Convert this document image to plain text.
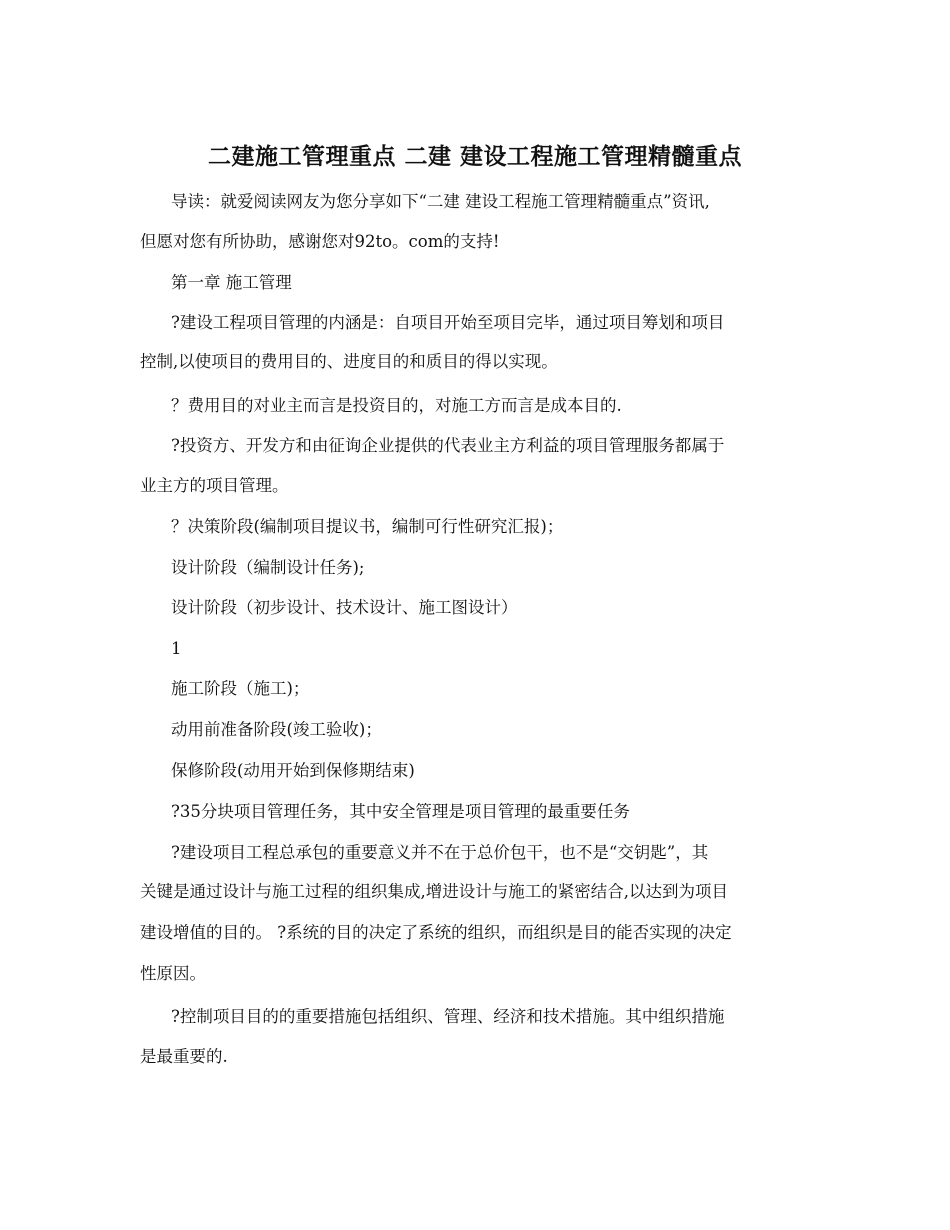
二建施工管理重点 二建 建设工程施工管理精髓重点
导读：就爱阅读网友为您分享如下“二建 建设工程施工管理精髓重点”资讯,
但愿对您有所协助，感谢您对92to。com的支持!
第一章 施工管理
?建设工程项目管理的内涵是：自项目开始至项目完毕，通过项目筹划和项目
控制,以使项目的费用目的、进度目的和质目的得以实现。
？费用目的对业主而言是投资目的，对施工方而言是成本目的.
?投资方、开发方和由征询企业提供的代表业主方利益的项目管理服务都属于
业主方的项目管理。
？决策阶段(编制项目提议书，编制可行性研究汇报)；
设计阶段（编制设计任务);
设计阶段（初步设计、技术设计、施工图设计）
1
施工阶段（施工)；
动用前准备阶段(竣工验收)；
保修阶段(动用开始到保修期结束)
?35分块项目管理任务，其中安全管理是项目管理的最重要任务
?建设项目工程总承包的重要意义并不在于总价包干，也不是“交钥匙”，其
关键是通过设计与施工过程的组织集成,增进设计与施工的紧密结合,以达到为项目
建设增值的目的。 ?系统的目的决定了系统的组织，而组织是目的能否实现的决定
性原因。
?控制项目目的的重要措施包括组织、管理、经济和技术措施。其中组织措施
是最重要的.
